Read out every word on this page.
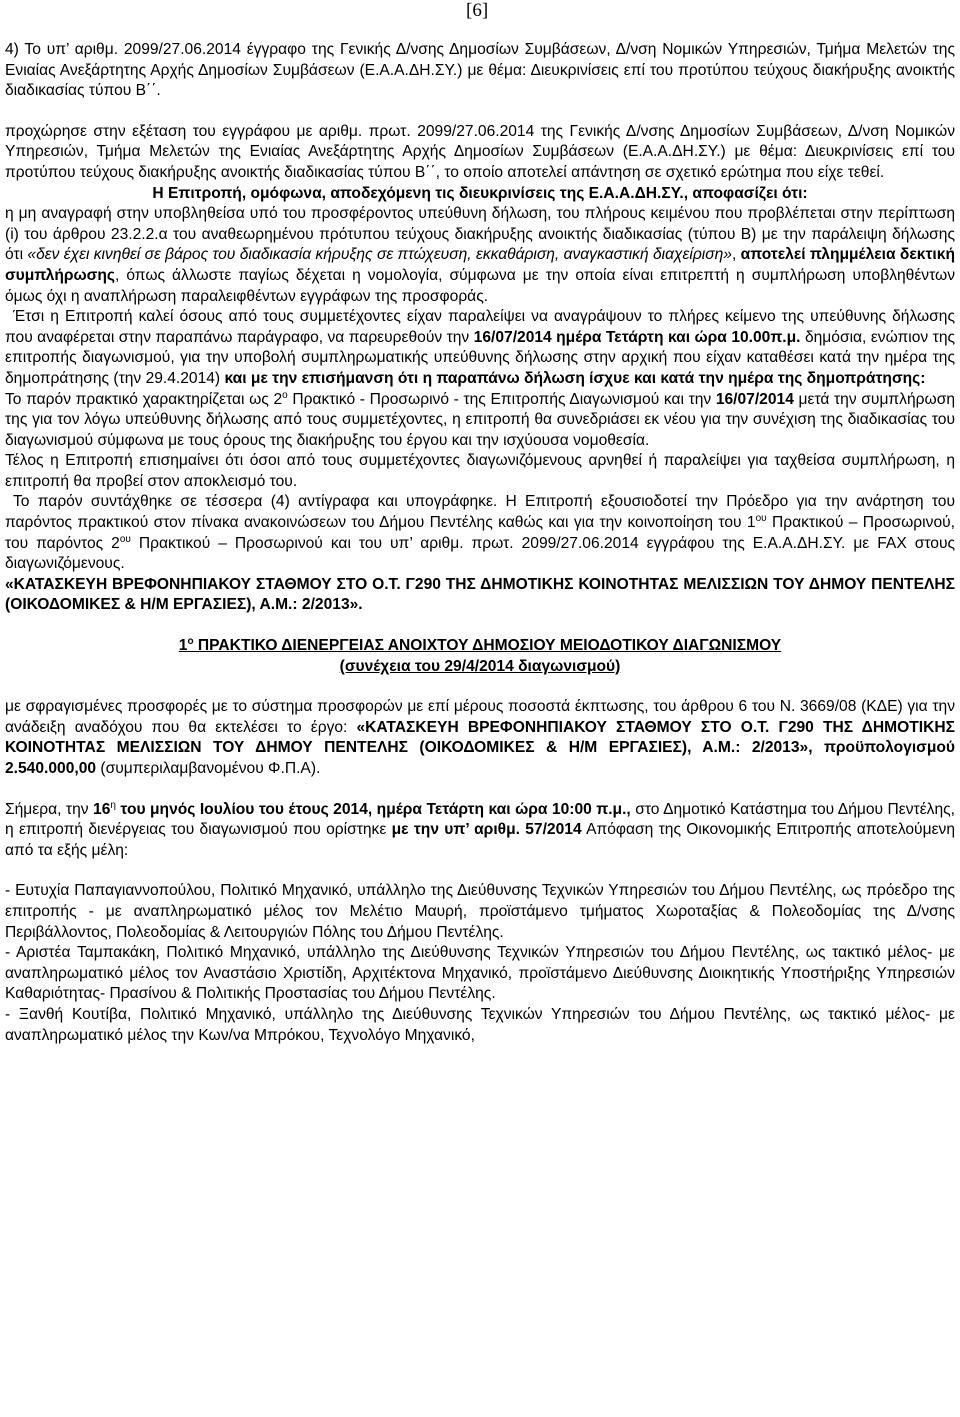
[6]

4) Το υπ’ αριθμ. 2099/27.06.2014 έγγραφο της Γενικής Δ/νσης Δημοσίων Συμβάσεων, Δ/νση Νομικών Υπηρεσιών, Τμήμα Μελετών της Ενιαίας Ανεξάρτητης Αρχής Δημοσίων Συμβάσεων (Ε.Α.Α.ΔΗ.ΣΥ.) με θέμα: Διευκρινίσεις επί του προτύπου τεύχους διακήρυξης ανοικτής διαδικασίας τύπου Β΄΄.

προχώρησε στην εξέταση του εγγράφου με αριθμ. πρωτ. 2099/27.06.2014 της Γενικής Δ/νσης Δημοσίων Συμβάσεων, Δ/νση Νομικών Υπηρεσιών, Τμήμα Μελετών της Ενιαίας Ανεξάρτητης Αρχής Δημοσίων Συμβάσεων (Ε.Α.Α.ΔΗ.ΣΥ.) με θέμα: Διευκρινίσεις επί του προτύπου τεύχους διακήρυξης ανοικτής διαδικασίας τύπου Β΄΄, το οποίο αποτελεί απάντηση σε σχετικό ερώτημα που είχε τεθεί.

Η Επιτροπή, ομόφωνα, αποδεχόμενη τις διευκρινίσεις της Ε.Α.Α.ΔΗ.ΣΥ., αποφασίζει ότι:
η μη αναγραφή στην υποβληθείσα υπό του προσφέροντος υπεύθυνη δήλωση, του πλήρους κειμένου που προβλέπεται στην περίπτωση (i) του άρθρου 23.2.2.α του αναθεωρημένου πρότυπου τεύχους διακήρυξης ανοικτής διαδικασίας (τύπου Β) με την παράλειψη δήλωσης ότι «δεν έχει κινηθεί σε βάρος του διαδικασία κήρυξης σε πτώχευση, εκκαθάριση, αναγκαστική διαχείριση», αποτελεί πλημμέλεια δεκτική συμπλήρωσης, όπως άλλωστε παγίως δέχεται η νομολογία, σύμφωνα με την οποία είναι επιτρεπτή η συμπλήρωση υποβληθέντων όμως όχι η αναπλήρωση παραλειφθέντων εγγράφων της προσφοράς.

Έτσι η Επιτροπή καλεί όσους από τους συμμετέχοντες είχαν παραλείψει να αναγράψουν το πλήρες κείμενο της υπεύθυνης δήλωσης που αναφέρεται στην παραπάνω παράγραφο, να παρευρεθούν την 16/07/2014 ημέρα Τετάρτη και ώρα 10.00π.μ. δημόσια, ενώπιον της επιτροπής διαγωνισμού, για την υποβολή συμπληρωματικής υπεύθυνης δήλωσης στην αρχική που είχαν καταθέσει κατά την ημέρα της δημοπράτησης (την 29.4.2014) και με την επισήμανση ότι η παραπάνω δήλωση ίσχυε και κατά την ημέρα της δημοπράτησης:

Το παρόν πρακτικό χαρακτηρίζεται ως $2^o$ Πρακτικό - Προσωρινό - της Επιτροπής Διαγωνισμού και την 16/07/2014 μετά την συμπλήρωση της για τον λόγω υπεύθυνης δήλωσης από τους συμμετέχοντες, η επιτροπή θα συνεδριάσει εκ νέου για την συνέχιση της διαδικασίας του διαγωνισμού σύμφωνα με τους όρους της διακήρυξης του έργου και την ισχύουσα νομοθεσία.

Τέλος η Επιτροπή επισημαίνει ότι όσοι από τους συμμετέχοντες διαγωνιζόμενους αρνηθεί ή παραλείψει για ταχθείσα συμπλήρωση, η επιτροπή θα προβεί στον αποκλεισμό του.

Το παρόν συντάχθηκε σε τέσσερα (4) αντίγραφα και υπογράφηκε. Η Επιτροπή εξουσιοδοτεί την Πρόεδρο για την ανάρτηση του παρόντος πρακτικού στον πίνακα ανακοινώσεων του Δήμου Πεντέλης καθώς και για την κοινοποίηση του $1^{o\upsilon}$ Πρακτικού – Προσωρινού, του παρόντος $2^{o\upsilon}$ Πρακτικού – Προσωρινού και του υπ’ αριθμ. πρωτ. 2099/27.06.2014 εγγράφου της Ε.Α.Α.ΔΗ.ΣΥ. με FAX στους διαγωνιζόμενους.

«ΚΑΤΑΣΚΕΥΗ ΒΡΕΦΟΝΗΠΙΑΚΟΥ ΣΤΑΘΜΟΥ ΣΤΟ Ο.Τ. Γ290 ΤΗΣ ΔΗΜΟΤΙΚΗΣ ΚΟΙΝΟΤΗΤΑΣ ΜΕΛΙΣΣΙΩΝ ΤΟΥ ΔΗΜΟΥ ΠΕΝΤΕΛΗΣ (ΟΙΚΟΔΟΜΙΚΕΣ & Η/Μ ΕΡΓΑΣΙΕΣ), Α.Μ.: 2/2013».

$1^o$ ΠΡΑΚΤΙΚΟ ΔΙΕΝΕΡΓΕΙΑΣ ΑΝΟΙΧΤΟΥ ΔΗΜΟΣΙΟΥ ΜΕΙΟΔΟΤΙΚΟΥ ΔΙΑΓΩΝΙΣΜΟΥ

(συνέχεια του 29/4/2014 διαγωνισμού)

με σφραγισμένες προσφορές με το σύστημα προσφορών με επί μέρους ποσοστά έκπτωσης, του άρθρου 6 του Ν. 3669/08 (ΚΔΕ) για την ανάδειξη αναδόχου που θα εκτελέσει το έργο: «ΚΑΤΑΣΚΕΥΗ ΒΡΕΦΟΝΗΠΙΑΚΟΥ ΣΤΑΘΜΟΥ ΣΤΟ Ο.Τ. Γ290 ΤΗΣ ΔΗΜΟΤΙΚΗΣ ΚΟΙΝΟΤΗΤΑΣ ΜΕΛΙΣΣΙΩΝ ΤΟΥ ΔΗΜΟΥ ΠΕΝΤΕΛΗΣ (ΟΙΚΟΔΟΜΙΚΕΣ & Η/Μ ΕΡΓΑΣΙΕΣ), Α.Μ.: 2/2013», προϋπολογισμού 2.540.000,00 (συμπεριλαμβανομένου Φ.Π.Α).

Σήμερα, την $16^\eta$ του μηνός Ιουλίου του έτους 2014, ημέρα Τετάρτη και ώρα 10:00 π.μ., στο Δημοτικό Κατάστημα του Δήμου Πεντέλης, η επιτροπή διενέργειας του διαγωνισμού που ορίστηκε με την υπ’ αριθμ. 57/2014 Απόφαση της Οικονομικής Επιτροπής αποτελούμενη από τα εξής μέλη:

- Ευτυχία Παπαγιαννοπούλου, Πολιτικό Μηχανικό, υπάλληλο της Διεύθυνσης Τεχνικών Υπηρεσιών του Δήμου Πεντέλης, ως πρόεδρο της επιτροπής - με αναπληρωματικό μέλος τον Μελέτιο Μαυρή, προϊστάμενο τμήματος Χωροταξίας & Πολεοδομίας της Δ/νσης Περιβάλλοντος, Πολεοδομίας & Λειτουργιών Πόλης του Δήμου Πεντέλης.

- Αριστέα Ταμπακάκη, Πολιτικό Μηχανικό, υπάλληλο της Διεύθυνσης Τεχνικών Υπηρεσιών του Δήμου Πεντέλης, ως τακτικό μέλος- με αναπληρωματικό μέλος τον Αναστάσιο Χριστίδη, Αρχιτέκτονα Μηχανικό, προϊστάμενο Διεύθυνσης Διοικητικής Υποστήριξης Υπηρεσιών Καθαριότητας- Πρασίνου & Πολιτικής Προστασίας του Δήμου Πεντέλης.

- Ξανθή Κουτίβα, Πολιτικό Μηχανικό, υπάλληλο της Διεύθυνσης Τεχνικών Υπηρεσιών του Δήμου Πεντέλης, ως τακτικό μέλος- με αναπληρωματικό μέλος την Κων/να Μπρόκου, Τεχνολόγο Μηχανικό,
